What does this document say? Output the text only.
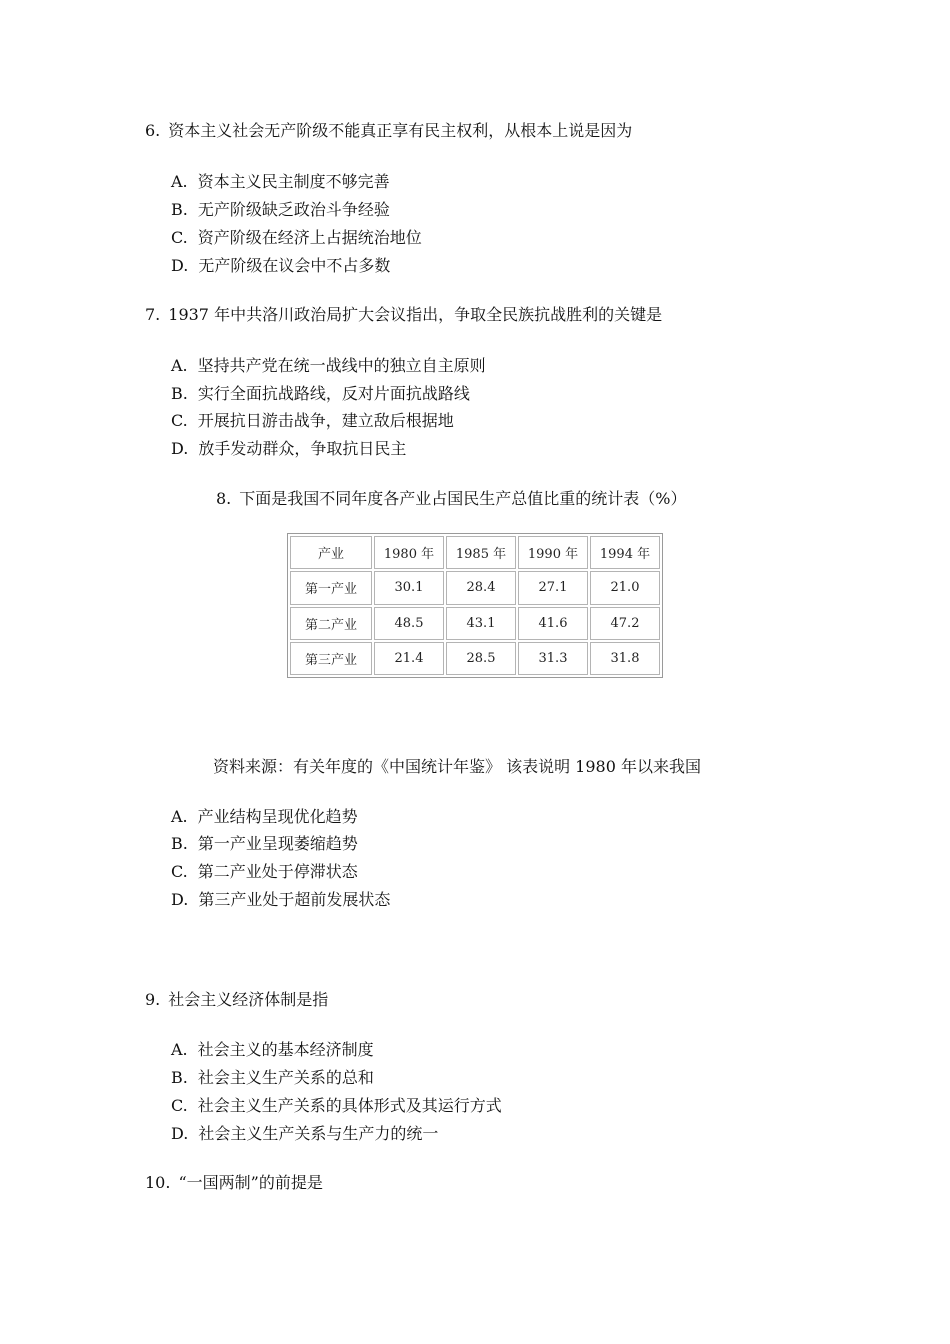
6. 资本主义社会无产阶级不能真正享有民主权利，从根本上说是因为
A. 资本主义民主制度不够完善
B. 无产阶级缺乏政治斗争经验
C. 资产阶级在经济上占据统治地位
D. 无产阶级在议会中不占多数
7. 1937 年中共洛川政治局扩大会议指出，争取全民族抗战胜利的关键是
A. 坚持共产党在统一战线中的独立自主原则
B. 实行全面抗战路线，反对片面抗战路线
C. 开展抗日游击战争，建立敌后根据地
D. 放手发动群众，争取抗日民主
8. 下面是我国不同年度各产业占国民生产总值比重的统计表（%）
产业	1980 年	1985 年	1990 年	1994 年
第一产业	30.1	28.4	27.1	21.0
第二产业	48.5	43.1	41.6	47.2
第三产业	21.4	28.5	31.3	31.8
资料来源：有关年度的《中国统计年鉴》 该表说明 1980 年以来我国
A. 产业结构呈现优化趋势
B. 第一产业呈现萎缩趋势
C. 第二产业处于停滞状态
D. 第三产业处于超前发展状态
9. 社会主义经济体制是指
A. 社会主义的基本经济制度
B. 社会主义生产关系的总和
C. 社会主义生产关系的具体形式及其运行方式
D. 社会主义生产关系与生产力的统一
10. “一国两制”的前提是
